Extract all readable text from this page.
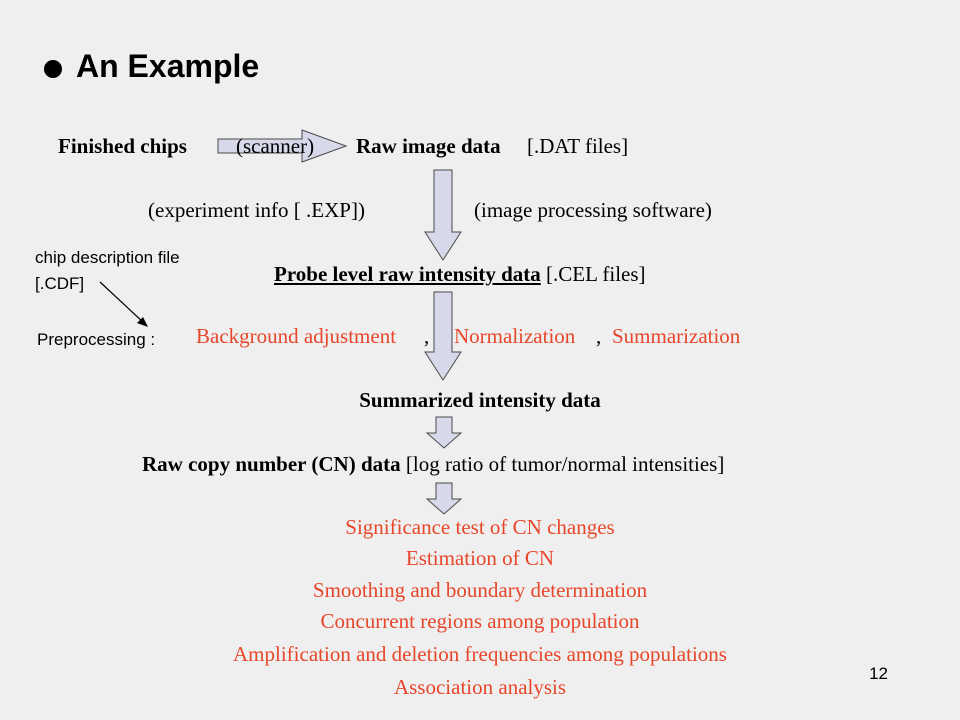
An Example
Finished chips (scanner) Raw image data [.DAT files]
(experiment info [ .EXP])	(image processing software)
chip description file
[.CDF]
Preprocessing :
Probe level raw intensity data [.CEL files]
Background adjustment , Normalization , Summarization
Summarized intensity data
Raw copy number (CN) data [log ratio of tumor/normal intensities]
Significance test of CN changes
Estimation of CN
Smoothing and boundary determination
Concurrent regions among population
Amplification and deletion frequencies among populations
Association analysis
12
